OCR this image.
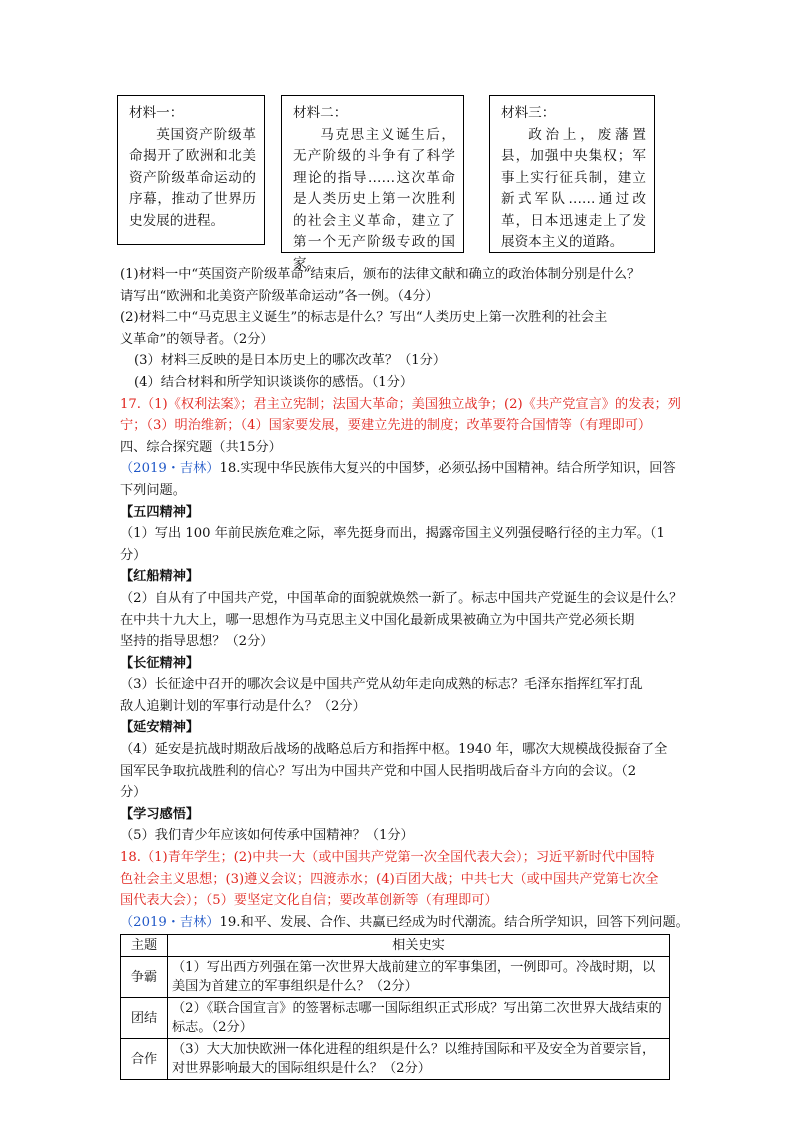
材料一：
英国资产阶级革命揭开了欧洲和北美资产阶级革命运动的序幕，推动了世界历史发展的进程。
材料二：
马克思主义诞生后，无产阶级的斗争有了科学理论的指导……这次革命是人类历史上第一次胜利的社会主义革命，建立了第一个无产阶级专政的国家。
材料三：
政治上，废藩置县，加强中央集权；军事上实行征兵制，建立新式军队……通过改革，日本迅速走上了发展资本主义的道路。

(1)材料一中“英国资产阶级革命”结束后，颁布的法律文献和确立的政治体制分别是什么？

请写出“欧洲和北美资产阶级革命运动”各一例。（4分）

(2)材料二中“马克思主义诞生”的标志是什么？写出“人类历史上第一次胜利的社会主

义革命”的领导者。（2分）

(3）材料三反映的是日本历史上的哪次改革？（1分）

(4）结合材料和所学知识谈谈你的感悟。（1分）

17.（1)《权利法案》；君主立宪制；法国大革命；美国独立战争；(2)《共产党宣言》的发表；列

宁；（3）明治维新；（4）国家要发展，要建立先进的制度；改革要符合国情等（有理即可）

四、综合探究题（共15分）

（2019・吉林）18.实现中华民族伟大复兴的中国梦，必须弘扬中国精神。结合所学知识，回答

下列问题。

【五四精神】

（1）写出 100 年前民族危难之际，率先挺身而出，揭露帝国主义列强侵略行径的主力军。（1

分）

【红船精神】

（2）自从有了中国共产党，中国革命的面貌就焕然一新了。标志中国共产党诞生的会议是什么？

在中共十九大上，哪一思想作为马克思主义中国化最新成果被确立为中国共产党必须长期

坚持的指导思想？（2分）

【长征精神】

（3）长征途中召开的哪次会议是中国共产党从幼年走向成熟的标志？毛泽东指挥红军打乱

敌人追剿计划的军事行动是什么？（2分）

【延安精神】

（4）延安是抗战时期敌后战场的战略总后方和指挥中枢。1940 年，哪次大规模战役振奋了全

国军民争取抗战胜利的信心？写出为中国共产党和中国人民指明战后奋斗方向的会议。（2

分）

【学习感悟】

（5）我们青少年应该如何传承中国精神？（1分）

18.（1)青年学生；(2)中共一大（或中国共产党第一次全国代表大会）；习近平新时代中国特

色社会主义思想；(3)遵义会议；四渡赤水；(4)百团大战；中共七大（或中国共产党第七次全

国代表大会）；（5）要坚定文化自信；要改革创新等（有理即可）

（2019・吉林）19.和平、发展、合作、共赢已经成为时代潮流。结合所学知识，回答下列问题。

主题	相关史实
争霸	（1）写出西方列强在第一次世界大战前建立的军事集团，一例即可。冷战时期，以美国为首建立的军事组织是什么？（2分）
团结	（2）《联合国宣言》的签署标志哪一国际组织正式形成？写出第二次世界大战结束的标志。（2分）
合作	（3）大大加快欧洲一体化进程的组织是什么？以维持国际和平及安全为首要宗旨，对世界影响最大的国际组织是什么？（2分）
